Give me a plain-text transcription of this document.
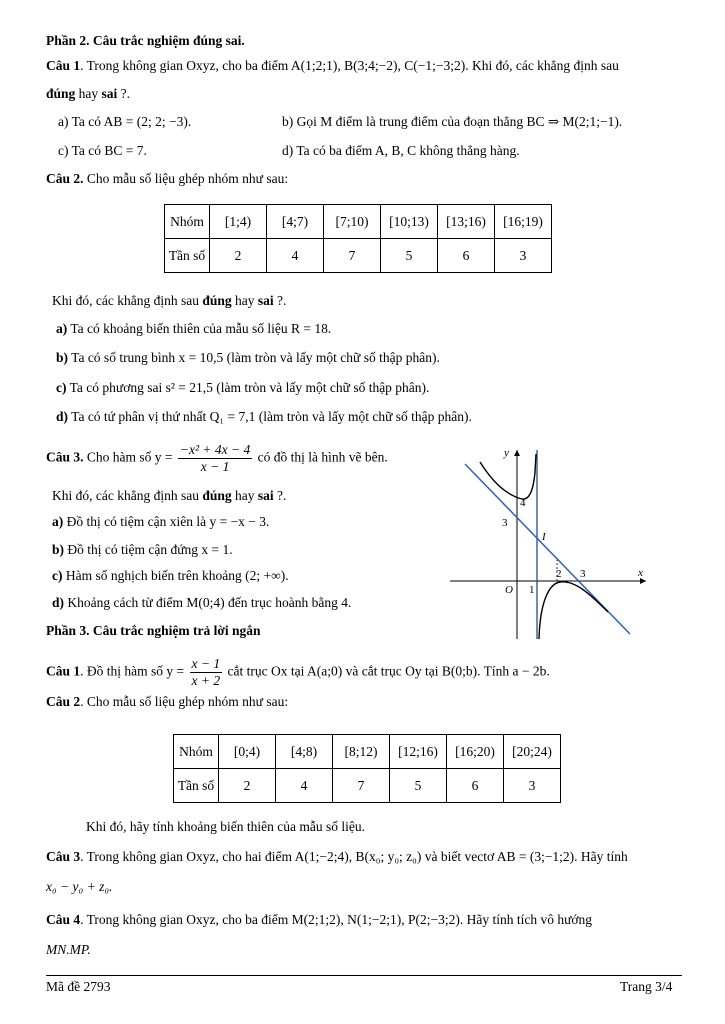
Phần 2. Câu trắc nghiệm đúng sai.
Câu 1. Trong không gian Oxyz, cho ba điểm A(1;2;1), B(3;4;−2), C(−1;−3;2). Khi đó, các khẳng định sau
đúng hay sai ?.
a) Ta có AB = (2; 2; −3).	b) Gọi M điểm là trung điểm của đoạn thẳng BC ⇒ M(2;1;−1).
c) Ta có BC = 7.	d) Ta có ba điểm A, B, C không thẳng hàng.
Câu 2. Cho mẫu số liệu ghép nhóm như sau:
Nhóm	[1;4)	[4;7)	[7;10)	[10;13)	[13;16)	[16;19)
Tần số	2	4	7	5	6	3
Khi đó, các khẳng định sau đúng hay sai ?.
a) Ta có khoảng biến thiên của mẫu số liệu R = 18.
b) Ta có số trung bình x = 10,5 (làm tròn và lấy một chữ số thập phân).
c) Ta có phương sai s² = 21,5 (làm tròn và lấy một chữ số thập phân).
d) Ta có tứ phân vị thứ nhất Q₁ = 7,1 (làm tròn và lấy một chữ số thập phân).
Câu 3. Cho hàm số $y = \frac{\text{−x² + 4x − 4}}{x - 1}$ có đồ thị là hình vẽ bên.
Khi đó, các khẳng định sau đúng hay sai ?.
a) Đồ thị có tiệm cận xiên là y = −x − 3.
b) Đồ thị có tiệm cận đứng x = 1.
c) Hàm số nghịch biến trên khoảng (2; +∞).
d) Khoảng cách từ điểm M(0;4) đến trục hoành bằng 4.
y
x
O
4
3
1
2 3
I
Phần 3. Câu trắc nghiệm trả lời ngắn
Câu 1. Đồ thị hàm số $y = \frac{x - 1}{x + 2}$ cắt trục Ox tại A(a;0) và cắt trục Oy tại B(0;b). Tính a − 2b.
Câu 2. Cho mẫu số liệu ghép nhóm như sau:
Nhóm	[0;4)	[4;8)	[8;12)	[12;16)	[16;20)	[20;24)
Tần số	2	4	7	5	6	3
Khi đó, hãy tính khoảng biến thiên của mẫu số liệu.
Câu 3. Trong không gian Oxyz, cho hai điểm A(1;−2;4), B(x₀; y₀; z₀) và biết vectơ AB = (3;−1;2). Hãy tính
x₀ − y₀ + z₀.
Câu 4. Trong không gian Oxyz, cho ba điểm M(2;1;2), N(1;−2;1), P(2;−3;2). Hãy tính tích vô hướng
MN.MP.
Mã đề 2793	Trang 3/4
